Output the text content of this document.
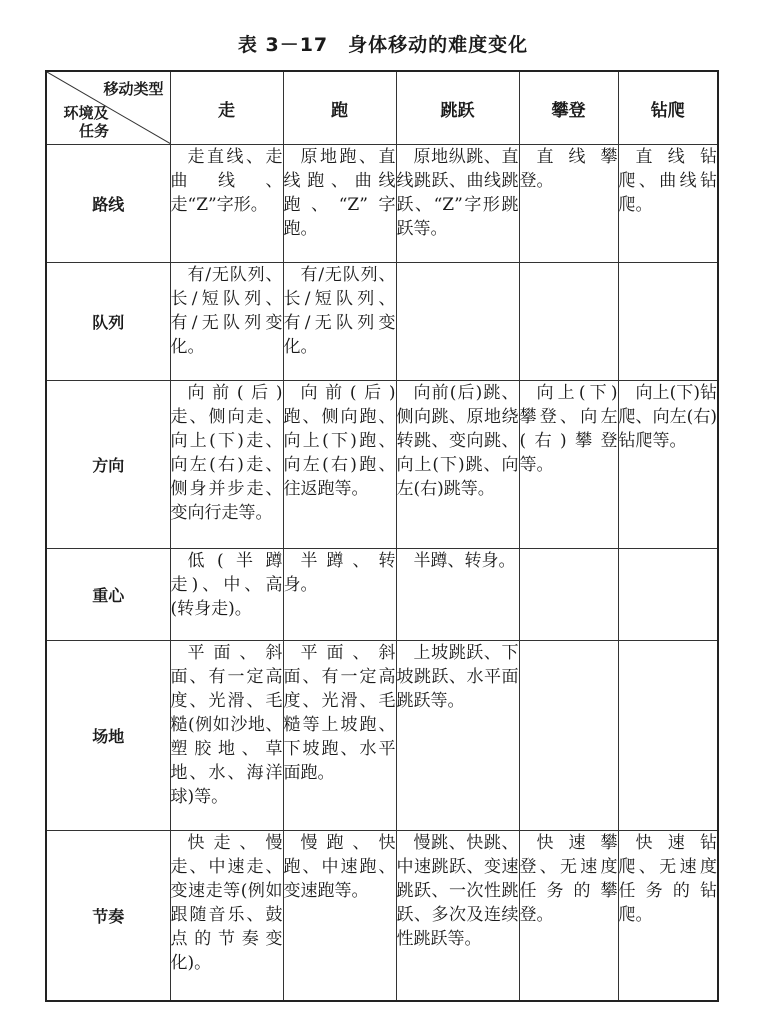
表 3－17　身体移动的难度变化
移动类型
环境及
任务	走	跑	跳跃	攀登	钻爬
路线	走直线、走曲线、走“Z”字形。	原地跑、直线跑、曲线跑、“Z”字跑。	原地纵跳、直线跳跃、曲线跳跃、“Z”字形跳跃等。	直线攀登。	直线钻爬、曲线钻爬。
队列	有/无队列、长/短队列、有/无队列变化。	有/无队列、长/短队列、有/无队列变化。			
方向	向前(后)走、侧向走、向上(下)走、向左(右)走、侧身并步走、变向行走等。	向前(后)跑、侧向跑、向上(下)跑、向左(右)跑、往返跑等。	向前(后)跳、侧向跳、原地绕转跳、变向跳、向上(下)跳、向左(右)跳等。	向上(下)攀登、向左(右)攀登等。	向上(下)钻爬、向左(右)钻爬等。
重心	低(半蹲走)、中、高(转身走)。	半蹲、转身。	半蹲、转身。		
场地	平面、斜面、有一定高度、光滑、毛糙(例如沙地、塑胶地、草地、水、海洋球)等。	平面、斜面、有一定高度、光滑、毛糙等上坡跑、下坡跑、水平面跑。	上坡跳跃、下坡跳跃、水平面跳跃等。		
节奏	快走、慢走、中速走、变速走等(例如跟随音乐、鼓点的节奏变化)。	慢跑、快跑、中速跑、变速跑等。	慢跳、快跳、中速跳跃、变速跳跃、一次性跳跃、多次及连续性跳跃等。	快速攀登、无速度任务的攀登。	快速钻爬、无速度任务的钻爬。
